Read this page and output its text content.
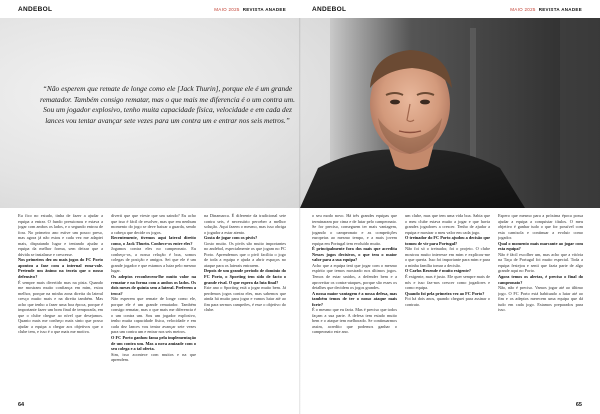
ANDEBOL	MAIO 2025 REVISTA ANADEE	ANDEBOL	MAIO 2025 REVISTA ANADEE
“Não esperem que remate de longe como ele [Jack Thurin], porque ele é um grande rematador. Também consigo rematar, mas o que mais me diferencia é o um contra um. Sou um jogador explosivo, tenho muita capacidade física, velocidade e em cada dez lances vou tentar avançar sete vezes para um contra um e entrar nos seis metros.”

Eu fico no estudo, tinha de fazer a ajudar a equipa a entrar. O fundo pressionou e estava a jogar com ambos os lados, e o segundo entrou de fora. No primeiro ano estive um pouco preso, mas agora já não estou e cada vez me adaptei mais, disputando lugar e tentando ajudar a equipa da melhor forma, sem deixar que a dúvida se instalasse e crescesse.

Nos primeiros dez ou mais jogos do FC Porto apontou a fase com a internal rona-vale. Pretende um ânimo na teoria que o nosso defensivo?

É sempre mais divertido mas na pista. Quando me mostram muito confiança em mim, estou melhor, porque na minha zona direita da lateral cresço muito mais e na direita também. Mas acho que tenho a fazer uma boa época, porque é importante fazer um bom final de temporada, em que o clube chegue ao nível que desejamos. Quanto mais me conheço mais sinto que posso ajudar a equipa a chegar aos objetivos que o clube tem, e isso é o que mais me motiva.

diverti que que vieste que um saindo? Eu acho que isso é fácil de resolver, mas que em nenhum momento do jogo se deve baixar a guarda, sendo a cabeça que decide os jogos.

Recentemente, tivemos aqui lateral direito como, o Jack Thurin. Conhece-os entre eles?

Jogamos contra eles no campeonato. Eu conheço-os, a nossa relação é boa, somos colegas de posição e amigos. Sei que ele é um grande jogador e que estamos a lutar pelo mesmo lugar.

Os adeptos reconhecem-lhe muito valor na rematar e na forma com a ambos os lados. Os dois meses de quinta sem a lateral. Preferem a troca?

Não esperem que remate de longe como ele, porque ele é um grande rematador. Também consigo rematar, mas o que mais me diferencia é o um contra um. Sou um jogador explosivo, tenho muita capacidade física, velocidade e em cada dez lances vou tentar avançar sete vezes para um contra um e entrar nos seis metros.

O FC Porto ganhou fama pela implementação de um contra um. Mas a nova amizade com o seu colega e a tal oferta.

Sim, isso acontece com muitos e na que aprendem.

na Dinamarca. É diferente da tradicional sete contra seis, é necessário perceber a melhor solução. Aqui fazem o mesmo, mas isso obriga o jogador a estar atento.

Gosta de jogar com os pivôs?

Gosto muito. Os pivôs são muito importantes no andebol, especialmente os que jogam no FC Porto. Aprendemos que o pivô facilita o jogo de toda a equipa e ajuda a abrir espaços no ataque para os laterais entrarem.

Depois de um grande período de domínio do FC Porto, o Sporting tem sido de facto o grande rival. O que espera da luta final?

Este ano o Sporting está a jogar muito bem. Já perdemos jogos contra eles, mas sabemos que ainda há muito para jogar e vamos lutar até ao fim para sermos campeões, é esse o objetivo do clube.

o seu modo novo. Há três grandes equipas que terminaram por cima e de lutar pelo campeonato. Se for preciso, conseguem ter mais vantagem, jogando o campeonato e as competições europeias ao mesmo tempo, e a mais jovem equipa em Portugal tem evoluído muito.

É principalmente fora dos mais que acredita Nesses jogos decisivos, o que tem o maior valor para a sua equipa?

Acho que a equipa terá que jogar com o mesmo espírito que temos mostrado nos últimos jogos. Temos de estar unidos, a defender bem e a aproveitar os contra-ataques, porque são esses os detalhes que decidem os jogos grandes.

A nossa maior vantagem é a nossa defesa, mas também temos de ter o nosso ataque mais forte?

É o mesmo que eu faria. Mas é preciso que todos façam a sua parte. A defesa tem estado muito bem e o ataque tem melhorado. Se continuarmos assim, acredito que podemos ganhar o campeonato este ano.

um clube, mas que tem uma vida boa. Sabia que o meu clube estava muito a jogar e que havia grandes jogadores a crescer. Tenho de ajudar a equipa e mostrar o meu valor em cada jogo.

O treinador do FC Porto ajudou a decisão que tomou de vir para Portugal?

Não foi só o treinador, foi o projeto. O clube mostrou muito interesse em mim e explicou-me o que queria. Isso foi importante para mim e para a minha família tomar a decisão.

O Carlos Resende é muito exigente?

É exigente, mas é justo. Ele quer sempre mais de nós e isso faz-nos crescer como jogadores e como equipa.

Quando foi pela primeira vez ao FC Porto?

Foi há dois anos, quando cheguei para assinar o contrato.

Espero que mesmo para a próxima época possa ajudar a equipa a conquistar títulos. O meu objetivo é ganhar tudo o que for possível com esta camisola e continuar a evoluir como jogador.

Qual o momento mais marcante ao jogar com esta equipa?

Não é fácil escolher um, mas acho que a vitória na Taça de Portugal foi muito especial. Toda a equipa festejou e senti que fazia parte de algo grande aqui no Porto.

Agora temos os alertas, é preciso o final do campeonato?

Não, não é preciso. Vamos jogar até ao último jogo. O FC Porto está habituado a lutar até ao fim e os adeptos merecem uma equipa que dá tudo em cada jogo. Estamos preparados para isso.

64	65
